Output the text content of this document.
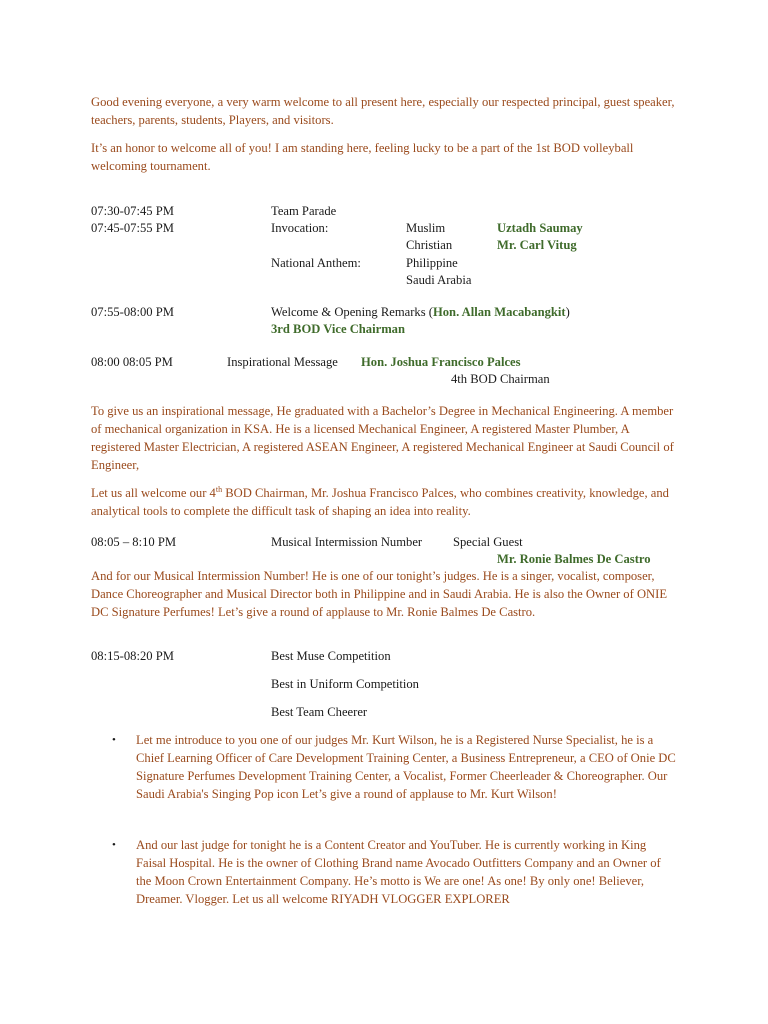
Good evening everyone, a very warm welcome to all present here, especially our respected principal, guest speaker, teachers, parents, students, Players, and visitors.
It’s an honor to welcome all of you! I am standing here, feeling lucky to be a part of the 1st BOD volleyball welcoming tournament.
07:30-07:45 PM	Team Parade
07:45-07:55 PM	Invocation:	Muslim	Uztadh Saumay
Christian	Mr. Carl Vitug
National Anthem:	Philippine
Saudi Arabia
07:55-08:00 PM	Welcome & Opening Remarks (Hon. Allan Macabangkit)
3rd BOD Vice Chairman
08:00 08:05 PM	Inspirational Message Hon. Joshua Francisco Palces
4th BOD Chairman
To give us an inspirational message, He graduated with a Bachelor’s Degree in Mechanical Engineering. A member of mechanical organization in KSA. He is a licensed Mechanical Engineer, A registered Master Plumber, A registered Master Electrician, A registered ASEAN Engineer, A registered Mechanical Engineer at Saudi Council of Engineer,
Let us all welcome our 4th BOD Chairman, Mr. Joshua Francisco Palces, who combines creativity, knowledge, and analytical tools to complete the difficult task of shaping an idea into reality.
08:05 – 8:10 PM	Musical Intermission Number Special Guest
Mr. Ronie Balmes De Castro
And for our Musical Intermission Number! He is one of our tonight’s judges. He is a singer, vocalist, composer, Dance Choreographer and Musical Director both in Philippine and in Saudi Arabia. He is also the Owner of ONIE DC Signature Perfumes! Let’s give a round of applause to Mr. Ronie Balmes De Castro.
08:15-08:20 PM	Best Muse Competition
Best in Uniform Competition
Best Team Cheerer
• Let me introduce to you one of our judges Mr. Kurt Wilson, he is a Registered Nurse Specialist, he is a Chief Learning Officer of Care Development Training Center, a Business Entrepreneur, a CEO of Onie DC Signature Perfumes Development Training Center, a Vocalist, Former Cheerleader & Choreographer. Our Saudi Arabia's Singing Pop icon Let’s give a round of applause to Mr. Kurt Wilson!
• And our last judge for tonight he is a Content Creator and YouTuber. He is currently working in King Faisal Hospital. He is the owner of Clothing Brand name Avocado Outfitters Company and an Owner of the Moon Crown Entertainment Company. He’s motto is We are one! As one! By only one! Believer, Dreamer. Vlogger. Let us all welcome RIYADH VLOGGER EXPLORER
